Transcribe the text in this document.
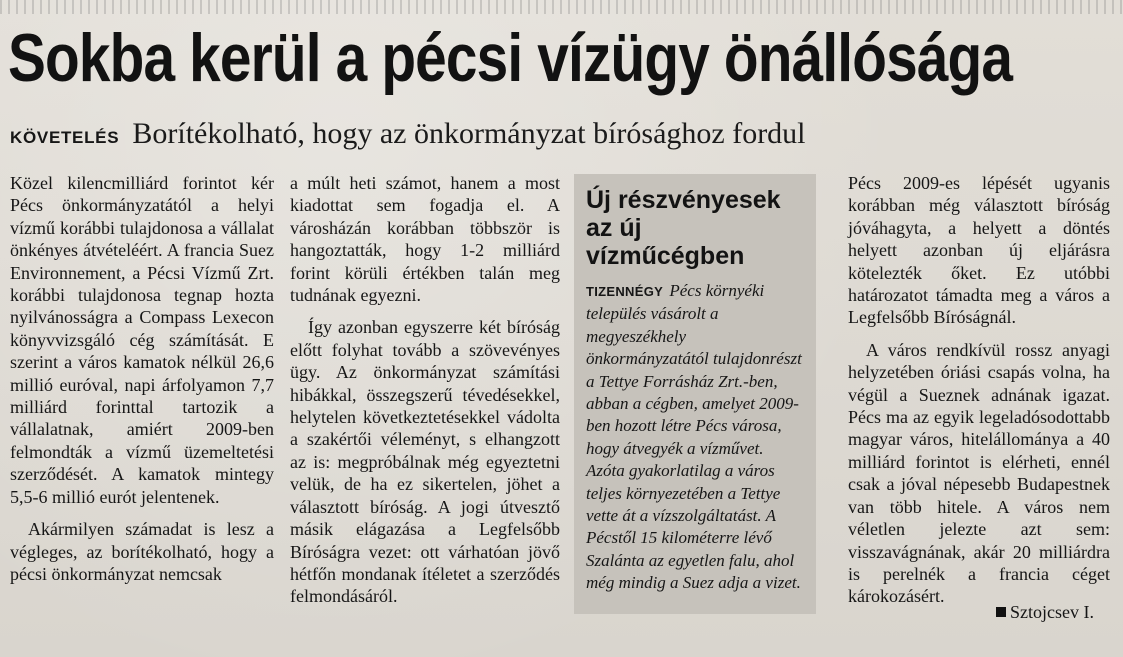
Sokba kerül a pécsi vízügy önállósága
KÖVETELÉS Borítékolható, hogy az önkormányzat bírósághoz fordul

Közel kilencmilliárd forintot kér Pécs önkormányzatától a helyi vízmű korábbi tulajdonosa a vállalat önkényes átvételéért. A francia Suez Environnement, a Pécsi Vízmű Zrt. korábbi tulajdonosa tegnap hozta nyilvánosságra a Compass Lexecon könyvvizsgáló cég számítását. E szerint a város kamatok nélkül 26,6 millió euróval, napi árfolyamon 7,7 milliárd forinttal tartozik a vállalatnak, amiért 2009-ben felmondták a vízmű üzemeltetési szerződését. A kamatok mintegy 5,5-6 millió eurót jelentenek.

Akármilyen számadat is lesz a végleges, az borítékolható, hogy a pécsi önkormányzat nemcsak

a múlt heti számot, hanem a most kiadottat sem fogadja el. A városházán korábban többször is hangoztatták, hogy 1-2 milliárd forint körüli értékben talán meg tudnának egyezni.

Így azonban egyszerre két bíróság előtt folyhat tovább a szövevényes ügy. Az önkormányzat számítási hibákkal, összegszerű tévedésekkel, helytelen következtetésekkel vádolta a szakértői véleményt, s elhangzott az is: megpróbálnak még egyeztetni velük, de ha ez sikertelen, jöhet a választott bíróság. A jogi útvesztő másik elágazása a Legfelsőbb Bíróságra vezet: ott várhatóan jövő hétfőn mondanak ítéletet a szerződés felmondásáról.

Új részvényesek
az új vízműcégben
TIZENNÉGY Pécs környéki település vásárolt a megyeszékhely önkormányzatától tulajdonrészt a Tettye Forrásház Zrt.-ben, abban a cégben, amelyet 2009-ben hozott létre Pécs városa, hogy átvegyék a vízművet. Azóta gyakorlatilag a város teljes környezetében a Tettye vette át a vízszolgáltatást. A Pécstől 15 kilométerre lévő Szalánta az egyetlen falu, ahol még mindig a Suez adja a vizet.

Pécs 2009-es lépését ugyanis korábban még választott bíróság jóváhagyta, a helyett a döntés helyett azonban új eljárásra kötelezték őket. Ez utóbbi határozatot támadta meg a város a Legfelsőbb Bíróságnál.

A város rendkívül rossz anyagi helyzetében óriási csapás volna, ha végül a Sueznek adnának igazat. Pécs ma az egyik legeladósodottabb magyar város, hitelállománya a 40 milliárd forintot is elérheti, ennél csak a jóval népesebb Budapestnek van több hitele. A város nem véletlen jelezte azt sem: visszavágnának, akár 20 milliárdra is perelnék a francia céget károkozásért.

Sztojcsev I.
